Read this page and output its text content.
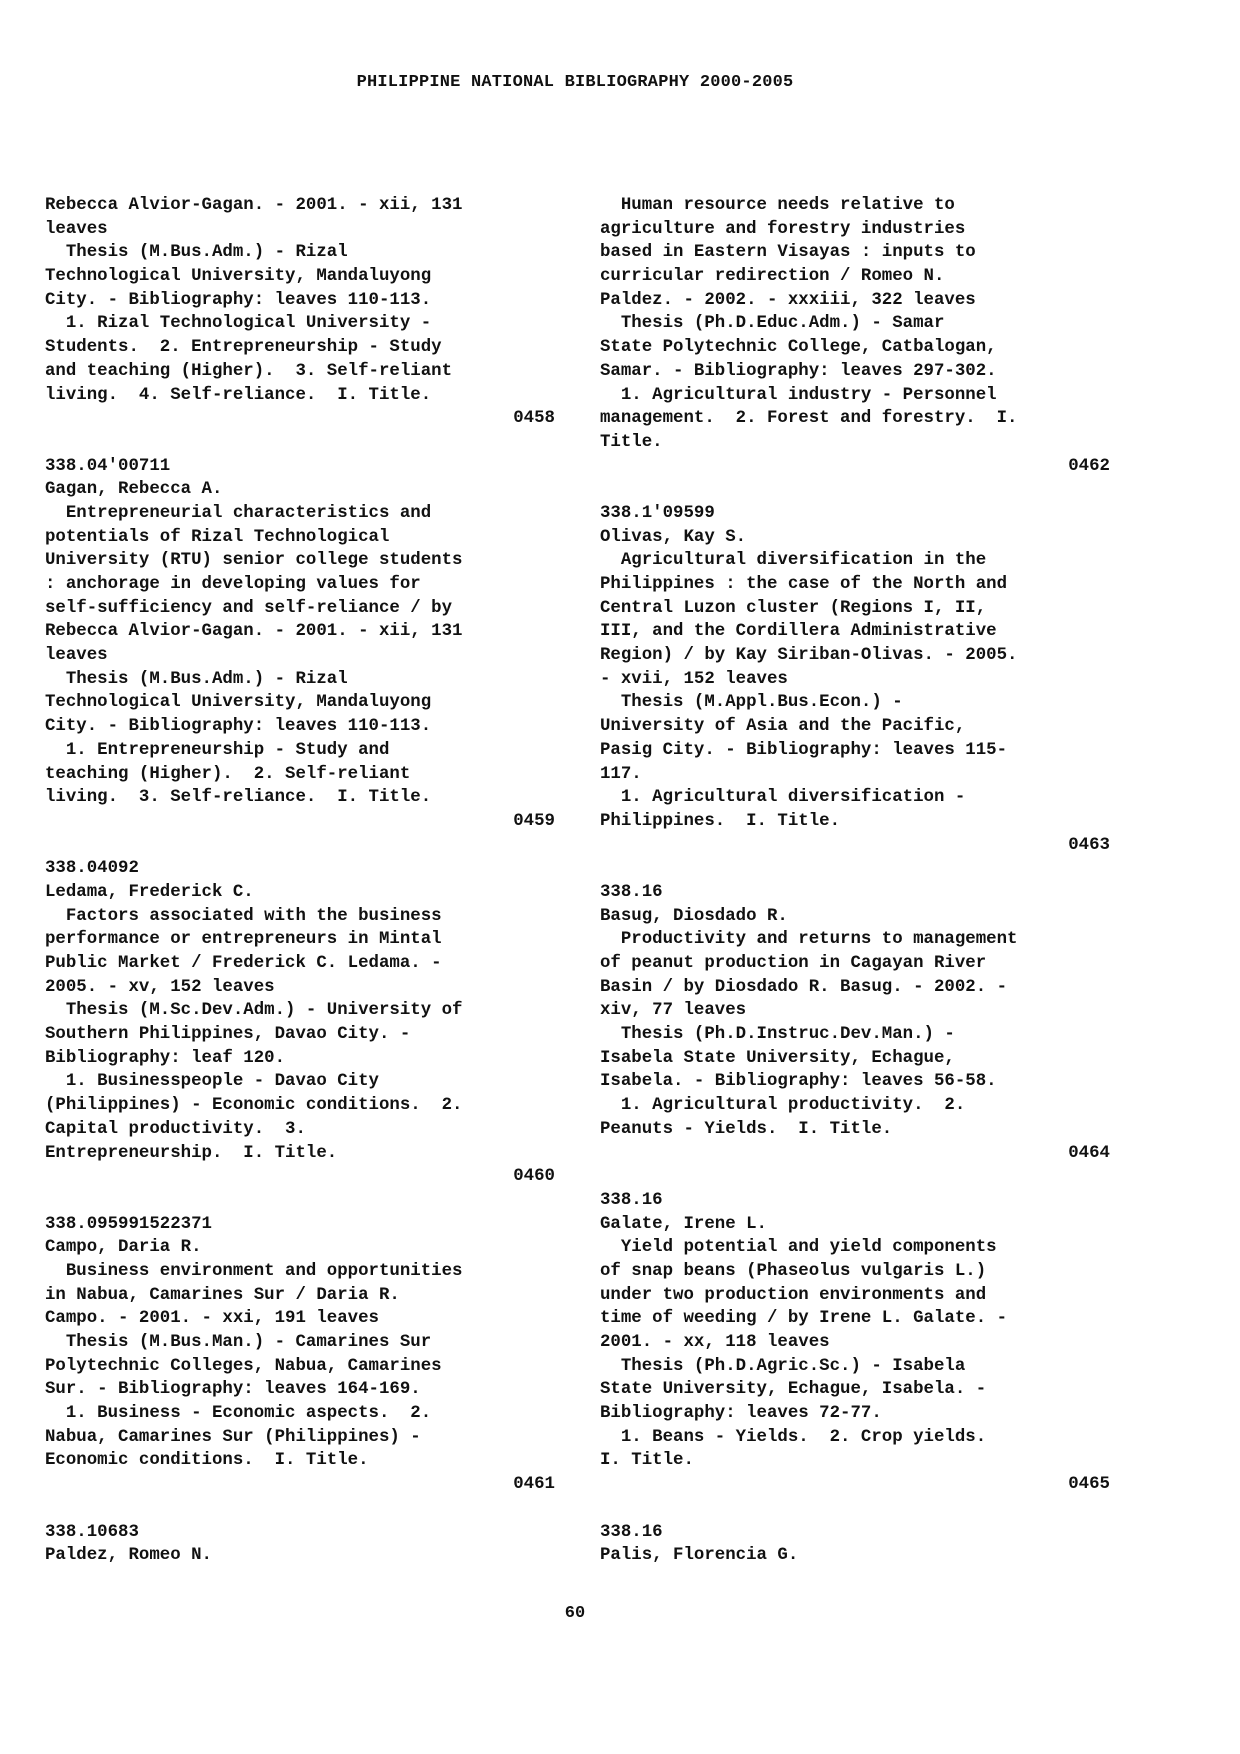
PHILIPPINE NATIONAL BIBLIOGRAPHY 2000-2005
Rebecca Alvior-Gagan. - 2001. - xii, 131
leaves
Thesis (M.Bus.Adm.) - Rizal
Technological University, Mandaluyong
City. - Bibliography: leaves 110-113.
1. Rizal Technological University -
Students.  2. Entrepreneurship - Study
and teaching (Higher).  3. Self-reliant
living.  4. Self-reliance.  I. Title.
0458
338.04'00711
Gagan, Rebecca A.
Entrepreneurial characteristics and
potentials of Rizal Technological
University (RTU) senior college students
: anchorage in developing values for
self-sufficiency and self-reliance / by
Rebecca Alvior-Gagan. - 2001. - xii, 131
leaves
Thesis (M.Bus.Adm.) - Rizal
Technological University, Mandaluyong
City. - Bibliography: leaves 110-113.
1. Entrepreneurship - Study and
teaching (Higher).  2. Self-reliant
living.  3. Self-reliance.  I. Title.
0459
338.04092
Ledama, Frederick C.
Factors associated with the business
performance or entrepreneurs in Mintal
Public Market / Frederick C. Ledama. -
2005. - xv, 152 leaves
Thesis (M.Sc.Dev.Adm.) - University of
Southern Philippines, Davao City. -
Bibliography: leaf 120.
1. Businesspeople - Davao City
(Philippines) - Economic conditions.  2.
Capital productivity.  3.
Entrepreneurship.  I. Title.
0460
338.095991522371
Campo, Daria R.
Business environment and opportunities
in Nabua, Camarines Sur / Daria R.
Campo. - 2001. - xxi, 191 leaves
Thesis (M.Bus.Man.) - Camarines Sur
Polytechnic Colleges, Nabua, Camarines
Sur. - Bibliography: leaves 164-169.
1. Business - Economic aspects.  2.
Nabua, Camarines Sur (Philippines) -
Economic conditions.  I. Title.
0461
338.10683
Paldez, Romeo N.
Human resource needs relative to
agriculture and forestry industries
based in Eastern Visayas : inputs to
curricular redirection / Romeo N.
Paldez. - 2002. - xxxiii, 322 leaves
Thesis (Ph.D.Educ.Adm.) - Samar
State Polytechnic College, Catbalogan,
Samar. - Bibliography: leaves 297-302.
1. Agricultural industry - Personnel
management.  2. Forest and forestry.  I.
Title.
0462
338.1'09599
Olivas, Kay S.
Agricultural diversification in the
Philippines : the case of the North and
Central Luzon cluster (Regions I, II,
III, and the Cordillera Administrative
Region) / by Kay Siriban-Olivas. - 2005.
- xvii, 152 leaves
Thesis (M.Appl.Bus.Econ.) -
University of Asia and the Pacific,
Pasig City. - Bibliography: leaves 115-
117.
1. Agricultural diversification -
Philippines.  I. Title.
0463
338.16
Basug, Diosdado R.
Productivity and returns to management
of peanut production in Cagayan River
Basin / by Diosdado R. Basug. - 2002. -
xiv, 77 leaves
Thesis (Ph.D.Instruc.Dev.Man.) -
Isabela State University, Echague,
Isabela. - Bibliography: leaves 56-58.
1. Agricultural productivity.  2.
Peanuts - Yields.  I. Title.
0464
338.16
Galate, Irene L.
Yield potential and yield components
of snap beans (Phaseolus vulgaris L.)
under two production environments and
time of weeding / by Irene L. Galate. -
2001. - xx, 118 leaves
Thesis (Ph.D.Agric.Sc.) - Isabela
State University, Echague, Isabela. -
Bibliography: leaves 72-77.
1. Beans - Yields.  2. Crop yields.
I. Title.
0465
338.16
Palis, Florencia G.
60
